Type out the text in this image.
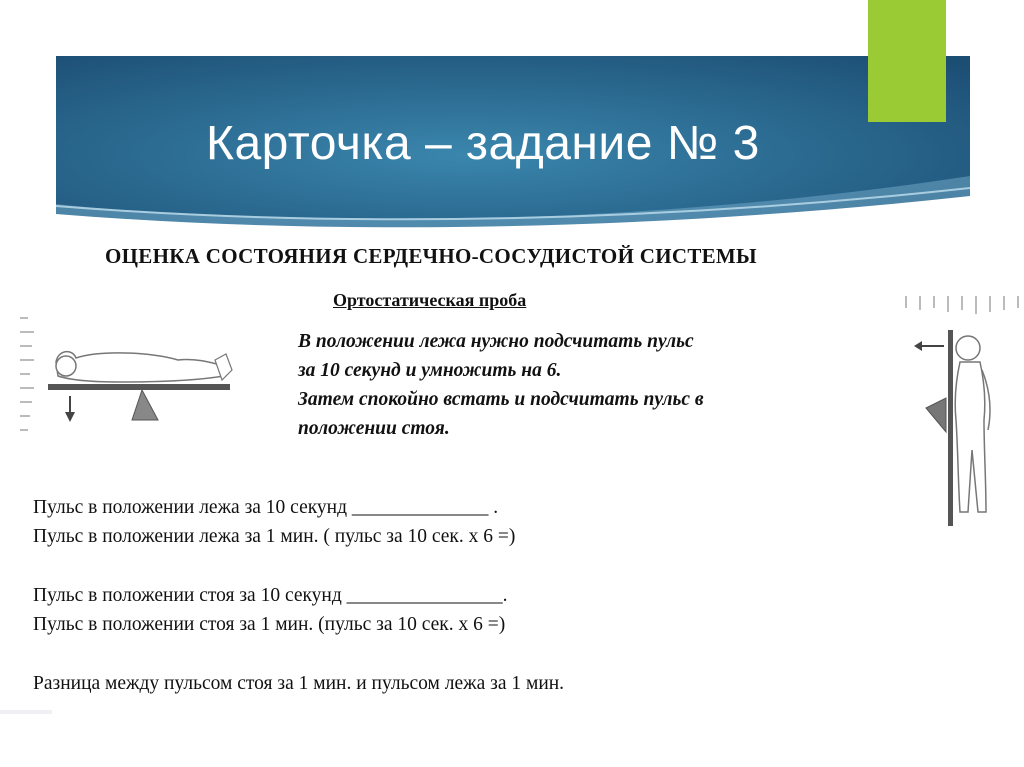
Карточка – задание № 3
ОЦЕНКА СОСТОЯНИЯ СЕРДЕЧНО-СОСУДИСТОЙ СИСТЕМЫ
Ортостатическая проба
В положении лежа нужно подсчитать пульс
за 10 секунд и умножить на 6.
Затем спокойно встать и подсчитать пульс в
положении стоя.
Пульс в положении лежа за 10 секунд ______________ .
Пульс в положении лежа за 1 мин. ( пульс за 10 сек. х 6 =)
Пульс в положении стоя за 10 секунд ________________.
Пульс в положении стоя за 1 мин. (пульс за 10 сек. х 6 =)
Разница между пульсом стоя за 1 мин. и пульсом лежа за 1 мин.
